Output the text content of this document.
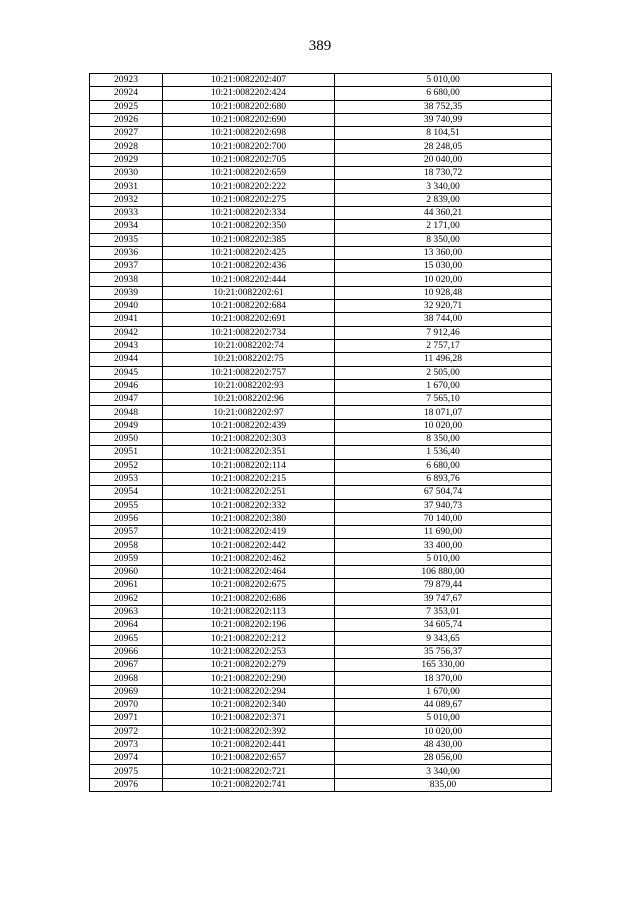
389
20923	10:21:0082202:407	5 010,00
20924	10:21:0082202:424	6 680,00
20925	10:21:0082202:680	38 752,35
20926	10:21:0082202:690	39 740,99
20927	10:21:0082202:698	8 104,51
20928	10:21:0082202:700	28 248,05
20929	10:21:0082202:705	20 040,00
20930	10:21:0082202:659	18 730,72
20931	10:21:0082202:222	3 340,00
20932	10:21:0082202:275	2 839,00
20933	10:21:0082202:334	44 360,21
20934	10:21:0082202:350	2 171,00
20935	10:21:0082202:385	8 350,00
20936	10:21:0082202:425	13 360,00
20937	10:21:0082202:436	15 030,00
20938	10:21:0082202:444	10 020,00
20939	10:21:0082202:61	10 928,48
20940	10:21:0082202:684	32 920,71
20941	10:21:0082202:691	38 744,00
20942	10:21:0082202:734	7 912,46
20943	10:21:0082202:74	2 757,17
20944	10:21:0082202:75	11 496,28
20945	10:21:0082202:757	2 505,00
20946	10:21:0082202:93	1 670,00
20947	10:21:0082202:96	7 565,10
20948	10:21:0082202:97	18 071,07
20949	10:21:0082202:439	10 020,00
20950	10:21:0082202:303	8 350,00
20951	10:21:0082202:351	1 536,40
20952	10:21:0082202:114	6 680,00
20953	10:21:0082202:215	6 893,76
20954	10:21:0082202:251	67 504,74
20955	10:21:0082202:332	37 940,73
20956	10:21:0082202:380	70 140,00
20957	10:21:0082202:419	11 690,00
20958	10:21:0082202:442	33 400,00
20959	10:21:0082202:462	5 010,00
20960	10:21:0082202:464	106 880,00
20961	10:21:0082202:675	79 879,44
20962	10:21:0082202:686	39 747,67
20963	10:21:0082202:113	7 353,01
20964	10:21:0082202:196	34 605,74
20965	10:21:0082202:212	9 343,65
20966	10:21:0082202:253	35 756,37
20967	10:21:0082202:279	165 330,00
20968	10:21:0082202:290	18 370,00
20969	10:21:0082202:294	1 670,00
20970	10:21:0082202:340	44 089,67
20971	10:21:0082202:371	5 010,00
20972	10:21:0082202:392	10 020,00
20973	10:21:0082202:441	48 430,00
20974	10:21:0082202:657	28 056,00
20975	10:21:0082202:721	3 340,00
20976	10:21:0082202:741	835,00
